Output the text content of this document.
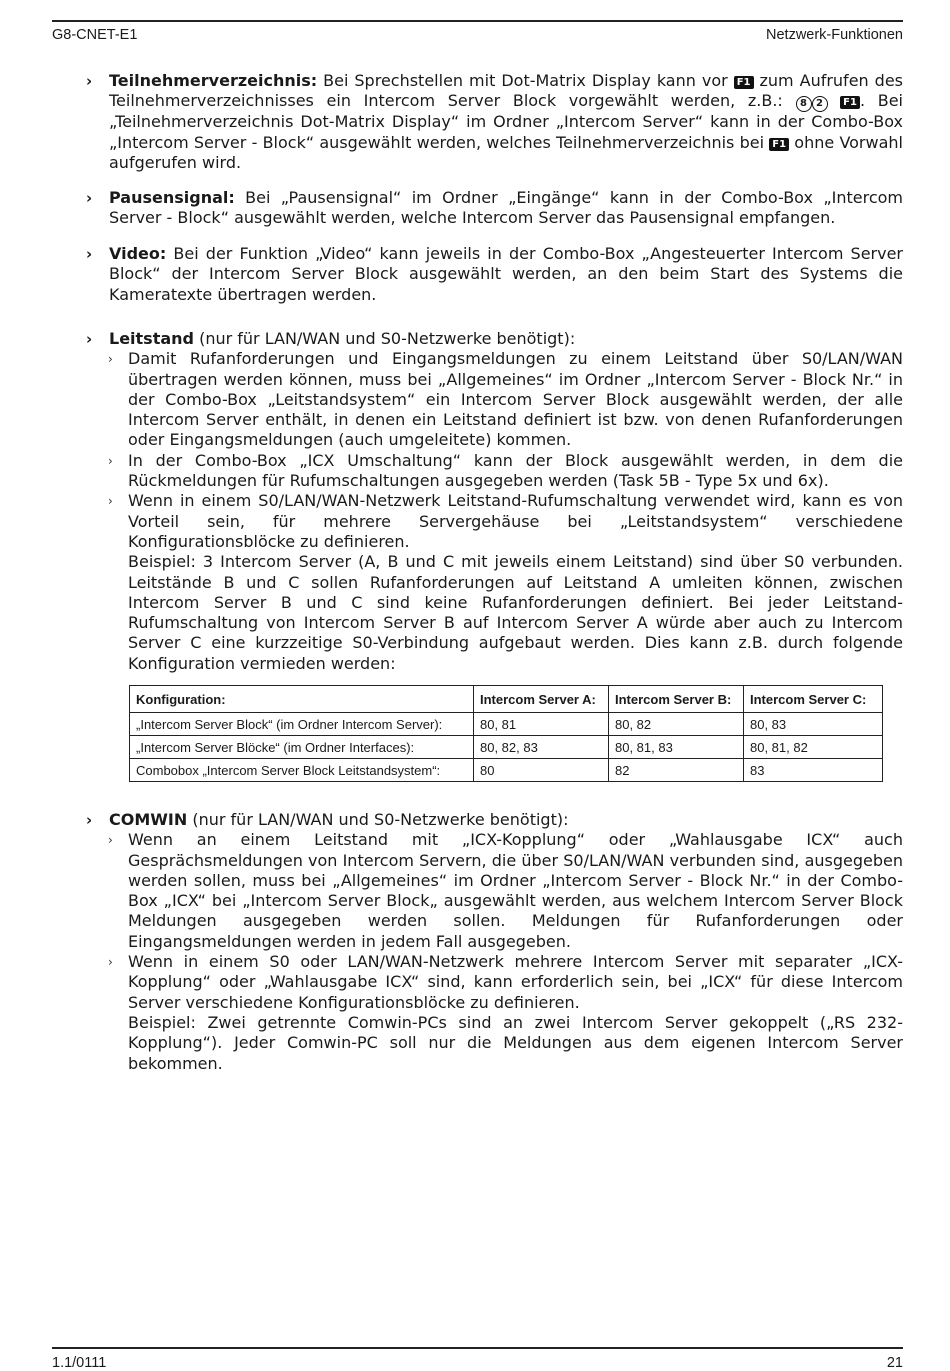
G8-CNET-E1	Netzwerk-Funktionen
› Teilnehmerverzeichnis: Bei Sprechstellen mit Dot-Matrix Display kann vor F1 zum Aufrufen des Teilnehmerverzeichnisses ein Intercom Server Block vorgewählt werden, z.B.: 8 2 F1 . Bei „Teilnehmerverzeichnis Dot-Matrix Display“ im Ordner „Intercom Server“ kann in der Combo-Box „Intercom Server - Block“ ausgewählt werden, welches Teilnehmerverzeichnis bei F1 ohne Vorwahl aufgerufen wird.
› Pausensignal: Bei „Pausensignal“ im Ordner „Eingänge“ kann in der Combo-Box „Intercom Server - Block“ ausgewählt werden, welche Intercom Server das Pausensignal empfangen.
› Video: Bei der Funktion „Video“ kann jeweils in der Combo-Box „Angesteuerter Intercom Server Block“ der Intercom Server Block ausgewählt werden, an den beim Start des Systems die Kameratexte übertragen werden.
› Leitstand (nur für LAN/WAN und S0-Netzwerke benötigt):
› Damit Rufanforderungen und Eingangsmeldungen zu einem Leitstand über S0/LAN/WAN übertragen werden können, muss bei „Allgemeines“ im Ordner „Intercom Server - Block Nr.“ in der Combo-Box „Leitstandsystem“ ein Intercom Server Block ausgewählt werden, der alle Intercom Server enthält, in denen ein Leitstand definiert ist bzw. von denen Rufanforderungen oder Eingangsmeldungen (auch umgeleitete) kommen.
› In der Combo-Box „ICX Umschaltung“ kann der Block ausgewählt werden, in dem die Rückmeldungen für Rufumschaltungen ausgegeben werden (Task 5B - Type 5x und 6x).
› Wenn in einem S0/LAN/WAN-Netzwerk Leitstand-Rufumschaltung verwendet wird, kann es von Vorteil sein, für mehrere Servergehäuse bei „Leitstandsystem“ verschiedene Konfigurationsblöcke zu definieren.
Beispiel: 3 Intercom Server (A, B und C mit jeweils einem Leitstand) sind über S0 verbunden. Leitstände B und C sollen Rufanforderungen auf Leitstand A umleiten können, zwischen Intercom Server B und C sind keine Rufanforderungen definiert. Bei jeder Leitstand-Rufumschaltung von Intercom Server B auf Intercom Server A würde aber auch zu Intercom Server C eine kurzzeitige S0-Verbindung aufgebaut werden. Dies kann z.B. durch folgende Konfiguration vermieden werden:
Konfiguration:	Intercom Server A:	Intercom Server B:	Intercom Server C:
„Intercom Server Block“ (im Ordner Intercom Server):	80, 81	80, 82	80, 83
„Intercom Server Blöcke“ (im Ordner Interfaces):	80, 82, 83	80, 81, 83	80, 81, 82
Combobox „Intercom Server Block Leitstandsystem“:	80	82	83
› COMWIN (nur für LAN/WAN und S0-Netzwerke benötigt):
› Wenn an einem Leitstand mit „ICX-Kopplung“ oder „Wahlausgabe ICX“ auch Gesprächsmeldungen von Intercom Servern, die über S0/LAN/WAN verbunden sind, ausgegeben werden sollen, muss bei „Allgemeines“ im Ordner „Intercom Server - Block Nr.“ in der Combo-Box „ICX“ bei „Intercom Server Block„ ausgewählt werden, aus welchem Intercom Server Block Meldungen ausgegeben werden sollen. Meldungen für Rufanforderungen oder Eingangsmeldungen werden in jedem Fall ausgegeben.
› Wenn in einem S0 oder LAN/WAN-Netzwerk mehrere Intercom Server mit separater „ICX-Kopplung“ oder „Wahlausgabe ICX“ sind, kann erforderlich sein, bei „ICX“ für diese Intercom Server verschiedene Konfigurationsblöcke zu definieren.
Beispiel: Zwei getrennte Comwin-PCs sind an zwei Intercom Server gekoppelt („RS 232-Kopplung“). Jeder Comwin-PC soll nur die Meldungen aus dem eigenen Intercom Server bekommen.
1.1/0111	21
